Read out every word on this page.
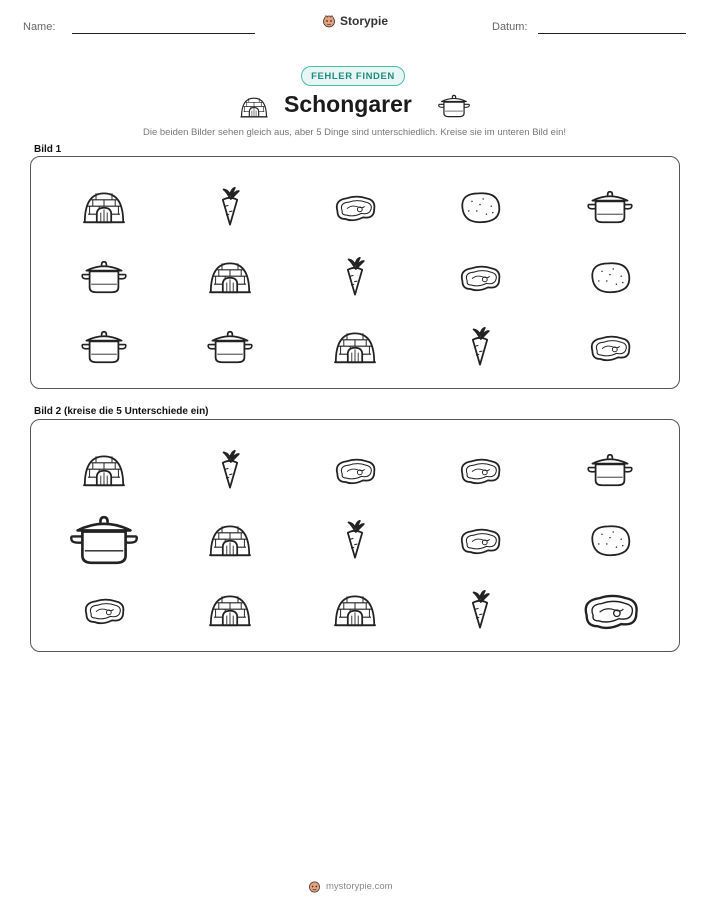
Name:	Storypie	Datum:
FEHLER FINDEN
Schongarer
Die beiden Bilder sehen gleich aus, aber 5 Dinge sind unterschiedlich. Kreise sie im unteren Bild ein!
Bild 1
Bild 2 (kreise die 5 Unterschiede ein)
mystorypie.com
